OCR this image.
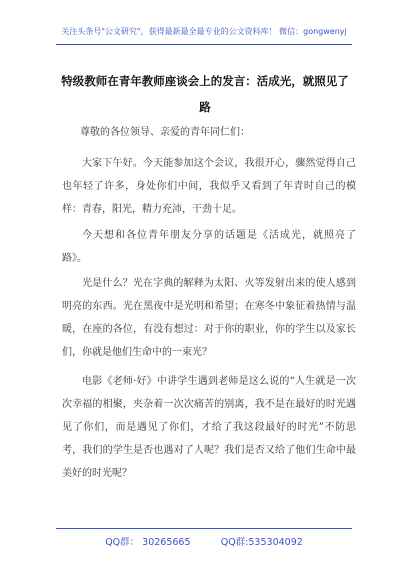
关注头条号"公文研究"，获得最新最全最专业的公文资料库！ 微信：gongwenyj
特级教师在青年教师座谈会上的发言：活成光，就照见了路
尊敬的各位领导、亲爱的青年同仁们：
大家下午好。今天能参加这个会议，我很开心，骤然觉得自己也年轻了许多，身处你们中间，我似乎又看到了年青时自己的模样：青春，阳光，精力充沛，干劲十足。
今天想和各位青年朋友分享的话题是《活成光，就照亮了路》。
光是什么？光在字典的解释为太阳、火等发射出来的使人感到明亮的东西。光在黑夜中是光明和希望；在寒冬中象征着热情与温暖，在座的各位，有没有想过：对于你的职业，你的学生以及家长们，你就是他们生命中的一束光？
电影《老师·好》中讲学生遇到老师是这么说的“人生就是一次次幸福的相聚，夹杂着一次次痛苦的别离，我不是在最好的时光遇见了你们，而是遇见了你们，才给了我这段最好的时光”不防思考，我们的学生是否也遇对了人呢？我们是否又给了他们生命中最美好的时光呢？
QQ群： 30265665	QQ群:535304092
